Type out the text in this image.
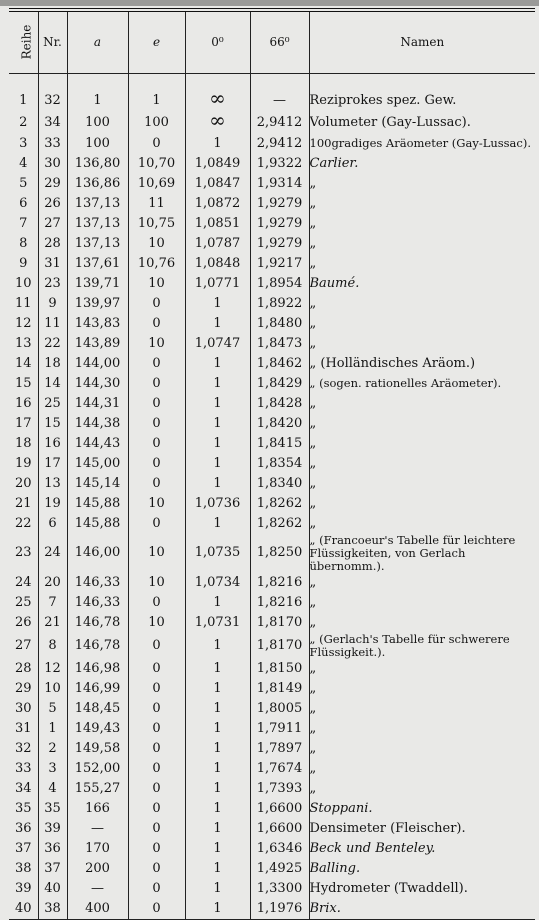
Reihe	Nr.	a	e	0⁰	66⁰	Namen

1	32	1	1	∞	—	Reziprokes spez. Gew.
2	34	100	100	∞	2,9412	Volumeter (Gay-Lussac).
3	33	100	0	1	2,9412	100gradiges Aräometer (Gay-Lussac).

4	30	136,80	10,70	1,0849	1,9322	Carlier.
5	29	136,86	10,69	1,0847	1,9314	„
6	26	137,13	11	1,0872	1,9279	„
7	27	137,13	10,75	1,0851	1,9279	„
8	28	137,13	10	1,0787	1,9279	„
9	31	137,61	10,76	1,0848	1,9217	„
10	23	139,71	10	1,0771	1,8954	Baumé.
11	9	139,97	0	1	1,8922	„
12	11	143,83	0	1	1,8480	„
13	22	143,89	10	1,0747	1,8473	„
14	18	144,00	0	1	1,8462	„ (Holländisches Aräom.)
15	14	144,30	0	1	1,8429	„ (sogen. rationelles Aräometer).

16	25	144,31	0	1	1,8428	„
17	15	144,38	0	1	1,8420	„
18	16	144,43	0	1	1,8415	„
19	17	145,00	0	1	1,8354	„
20	13	145,14	0	1	1,8340	„
21	19	145,88	10	1,0736	1,8262	„
22	6	145,88	0	1	1,8262	„
23	24	146,00	10	1,0735	1,8250	„ (Francoeur's Tabelle für leichtere Flüssigkeiten, von Gerlach übernomm.).

24	20	146,33	10	1,0734	1,8216	„
25	7	146,33	0	1	1,8216	„
26	21	146,78	10	1,0731	1,8170	„
27	8	146,78	0	1	1,8170	„ (Gerlach's Tabelle für schwerere Flüssigkeit.).

28	12	146,98	0	1	1,8150	„
29	10	146,99	0	1	1,8149	„
30	5	148,45	0	1	1,8005	„
31	1	149,43	0	1	1,7911	„
32	2	149,58	0	1	1,7897	„
33	3	152,00	0	1	1,7674	„
34	4	155,27	0	1	1,7393	„
35	35	166	0	1	1,6600	Stoppani.
36	39	—	0	1	1,6600	Densimeter (Fleischer).
37	36	170	0	1	1,6346	Beck und Benteley.
38	37	200	0	1	1,4925	Balling.
39	40	—	0	1	1,3300	Hydrometer (Twaddell).
40	38	400	0	1	1,1976	Brix.
